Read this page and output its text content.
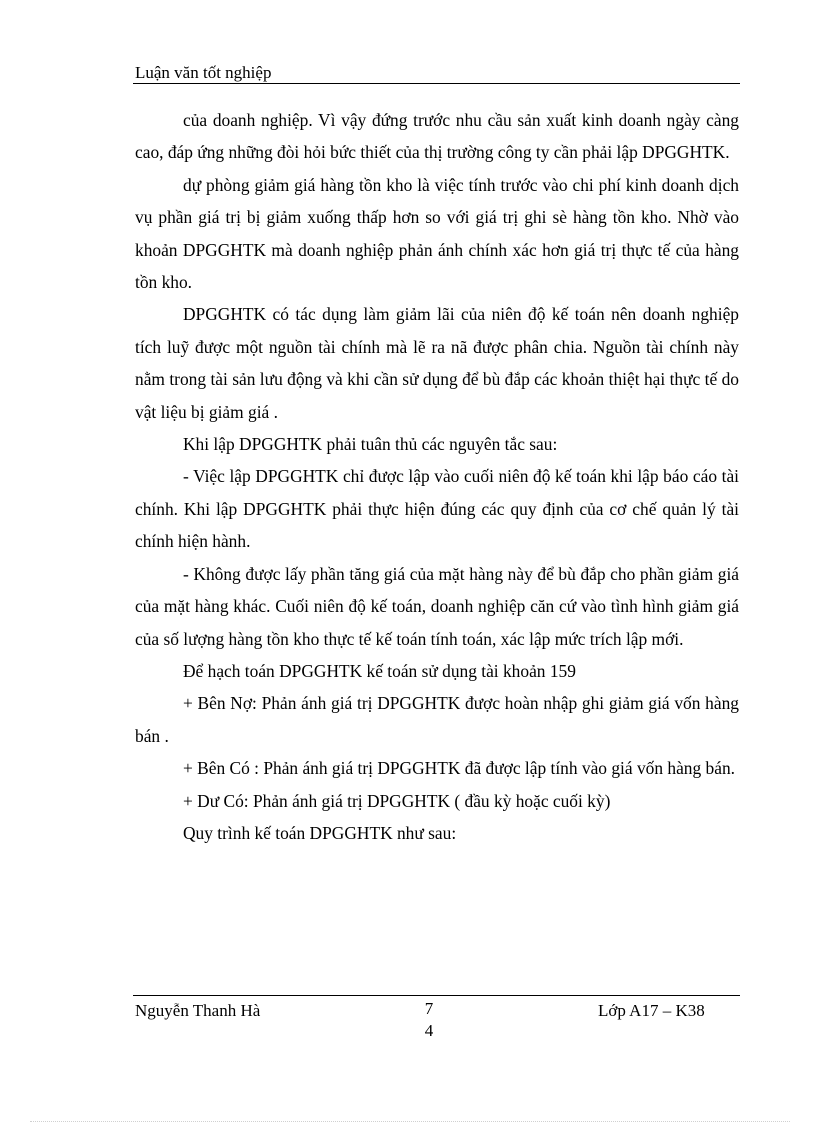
Luận văn tốt nghiệp

của doanh nghiệp. Vì vậy đứng trước nhu cầu sản xuất kinh doanh ngày càng cao, đáp ứng những đòi hỏi bức thiết của thị trường công ty cần phải lập DPGGHTK.

dự phòng giảm giá hàng tồn kho là việc tính trước vào chi phí kinh doanh dịch vụ phần giá trị bị giảm xuống thấp hơn so với giá trị ghi sè hàng tồn kho. Nhờ vào khoản DPGGHTK mà doanh nghiệp phản ánh chính xác hơn giá trị thực tế của hàng tồn kho.

DPGGHTK có tác dụng làm giảm lãi của niên độ kế toán nên doanh nghiệp tích luỹ được một nguồn tài chính mà lẽ ra nã được phân chia. Nguồn tài chính này nằm trong tài sản lưu động và khi cần sử dụng để bù đắp các khoản thiệt hại thực tế do vật liệu bị giảm giá .

Khi lập DPGGHTK phải tuân thủ các nguyên tắc sau:

- Việc lập DPGGHTK chỉ được lập vào cuối niên độ kế toán khi lập báo cáo tài chính. Khi lập DPGGHTK phải thực hiện đúng các quy định của cơ chế quản lý tài chính hiện hành.

- Không được lấy phần tăng giá của mặt hàng này để bù đắp cho phần giảm giá của mặt hàng khác. Cuối niên độ kế toán, doanh nghiệp căn cứ vào tình hình giảm giá của số lượng hàng tồn kho thực tế kế toán tính toán, xác lập mức trích lập mới.

Để hạch toán DPGGHTK kế toán sử dụng tài khoản 159

+ Bên Nợ: Phản ánh giá trị DPGGHTK được hoàn nhập ghi giảm giá vốn hàng bán .

+ Bên Có : Phản ánh giá trị DPGGHTK đã được lập tính vào giá vốn hàng bán.

+ Dư Có: Phản ánh giá trị DPGGHTK ( đầu kỳ hoặc cuối kỳ)

Quy trình kế toán DPGGHTK như sau:

Nguyễn Thanh Hà	7
4
Lớp A17 – K38
